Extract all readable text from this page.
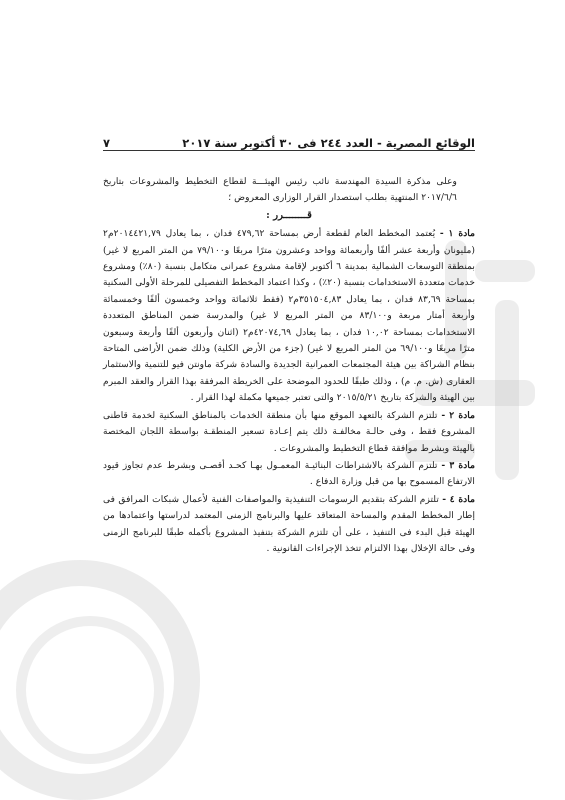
الوقائع المصرية - العدد ٢٤٤ فى ٣٠ أكتوبر سنة ٢٠١٧
٧

وعلى مذكرة السيدة المهندسة نائب رئيس الهيئـــة لقطاع التخطيط والمشروعات بتاريخ ٢٠١٧/٦/٦ المنتهية بطلب استصدار القرار الوزارى المعروض ؛

قــــــــرر :

مادة ١ - يُعتمد المخطط العام لقطعة أرض بمساحة ٤٧٩,٦٢ فدان ، بما يعادل ٢٠١٤٤٢١,٧٩م٢ (مليونان وأربعة عشر ألفًا وأربعمائة وواحد وعشرون مترًا مربعًا و٧٩/١٠٠ من المتر المربع لا غير) بمنطقة التوسعات الشمالية بمدينة ٦ أكتوبر لإقامة مشروع عمرانى متكامل بنسبة (٨٠٪) ومشروع خدمات متعددة الاستخدامات بنسبة (٢٠٪) ، وكذا اعتماد المخطط التفصيلى للمرحلة الأولى السكنية بمساحة ٨٣,٦٩ فدان ، بما يعادل ٣٥١٥٠٤,٨٣م٢ (فقط ثلاثمائة وواحد وخمسون ألفًا وخمسمائة وأربعة أمتار مربعة و٨٣/١٠٠ من المتر المربع لا غير) والمدرسة ضمن المناطق المتعددة الاستخدامات بمساحة ١٠,٠٢ فدان ، بما يعادل ٤٢٠٧٤,٦٩م٢ (اثنان وأربعون ألفًا وأربعة وسبعون مترًا مربعًا و٦٩/١٠٠ من المتر المربع لا غير) (جزء من الأرض الكلية) وذلك ضمن الأراضى المتاحة بنظام الشراكة بين هيئة المجتمعات العمرانية الجديدة والسادة شركة ماونتن فيو للتنمية والاستثمار العقارى (ش. م. م) ، وذلك طبقًا للحدود الموضحة على الخريطة المرفقة بهذا القرار والعقد المبرم بين الهيئة والشركة بتاريخ ٢٠١٥/٥/٢١ والتى تعتبر جميعها مكملة لهذا القرار .

مادة ٢ - تلتزم الشركة بالتعهد الموقع منها بأن منطقة الخدمات بالمناطق السكنية لخدمة قاطنى المشروع فقط ، وفى حالـة مخالفـة ذلك يتم إعـادة تسعير المنطقـة بواسطة اللجان المختصة بالهيئة وبشرط موافقة قطاع التخطيط والمشروعات .

مادة ٣ - تلتزم الشركة بالاشتراطات البنائيـة المعمـول بهـا كحـد أقصـى وبشرط عدم تجاوز قيود الارتفاع المسموح بها من قبل وزارة الدفاع .

مادة ٤ - تلتزم الشركة بتقديم الرسومات التنفيذية والمواصفات الفنية لأعمال شبكات المرافق فى إطار المخطط المقدم والمساحة المتعاقد عليها والبرنامج الزمنى المعتمد لدراستها واعتمادها من الهيئة قبل البدء فى التنفيذ ، على أن تلتزم الشركة بتنفيذ المشروع بأكمله طبقًا للبرنامج الزمنى وفى حالة الإخلال بهذا الالتزام تتخذ الإجراءات القانونية .
